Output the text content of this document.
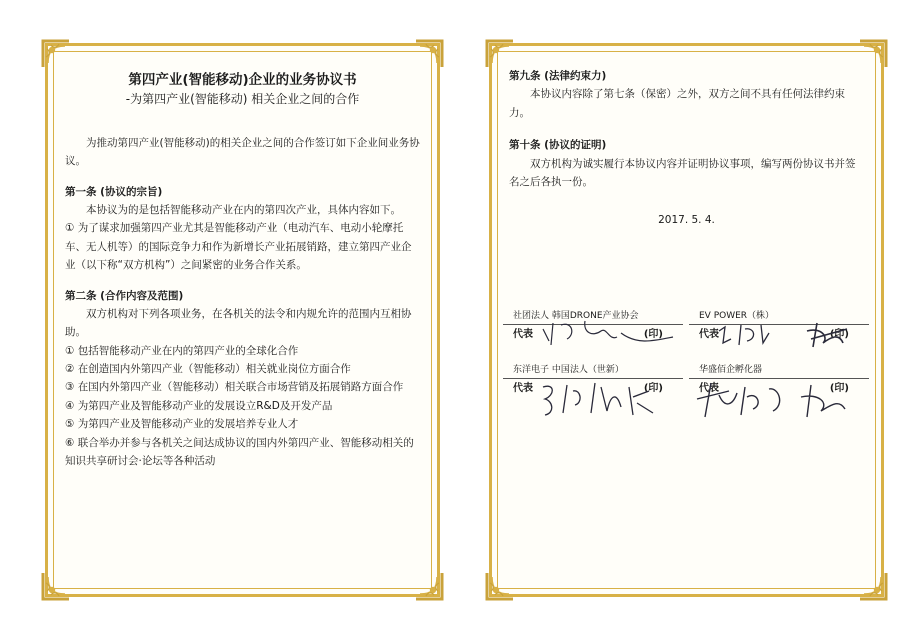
第四产业(智能移动)企业的业务协议书

-为第四产业(智能移动) 相关企业之间的合作

为推动第四产业(智能移动)的相关企业之间的合作签订如下企业间业务协议。

第一条 (协议的宗旨)

本协议为的是包括智能移动产业在内的第四次产业，具体内容如下。

① 为了谋求加强第四产业尤其是智能移动产业（电动汽车、电动小轮摩托车、无人机等）的国际竞争力和作为新增长产业拓展销路，建立第四产业企业（以下称“双方机构”）之间紧密的业务合作关系。

第二条 (合作内容及范围)

双方机构对下列各项业务，在各机关的法令和内规允许的范围内互相协助。

① 包括智能移动产业在内的第四产业的全球化合作

② 在创造国内外第四产业（智能移动）相关就业岗位方面合作

③ 在国内外第四产业（智能移动）相关联合市场营销及拓展销路方面合作

④ 为第四产业及智能移动产业的发展设立R&D及开发产品

⑤ 为第四产业及智能移动产业的发展培养专业人才

⑥ 联合举办并参与各机关之间达成协议的国内外第四产业、智能移动相关的知识共享研讨会·论坛等各种活动

第九条 (法律约束力)

本协议内容除了第七条（保密）之外，双方之间不具有任何法律约束力。

第十条 (协议的证明)

双方机构为诚实履行本协议内容并证明协议事项，编写两份协议书并签名之后各执一份。

2017. 5. 4.

社团法人 韩国DRONE产业协会
代表	(印)
EV POWER（株）
代表	(印)
东洋电子 中国法人（世新）
代表	(印)
华盛佰企孵化器
代表	(印)
